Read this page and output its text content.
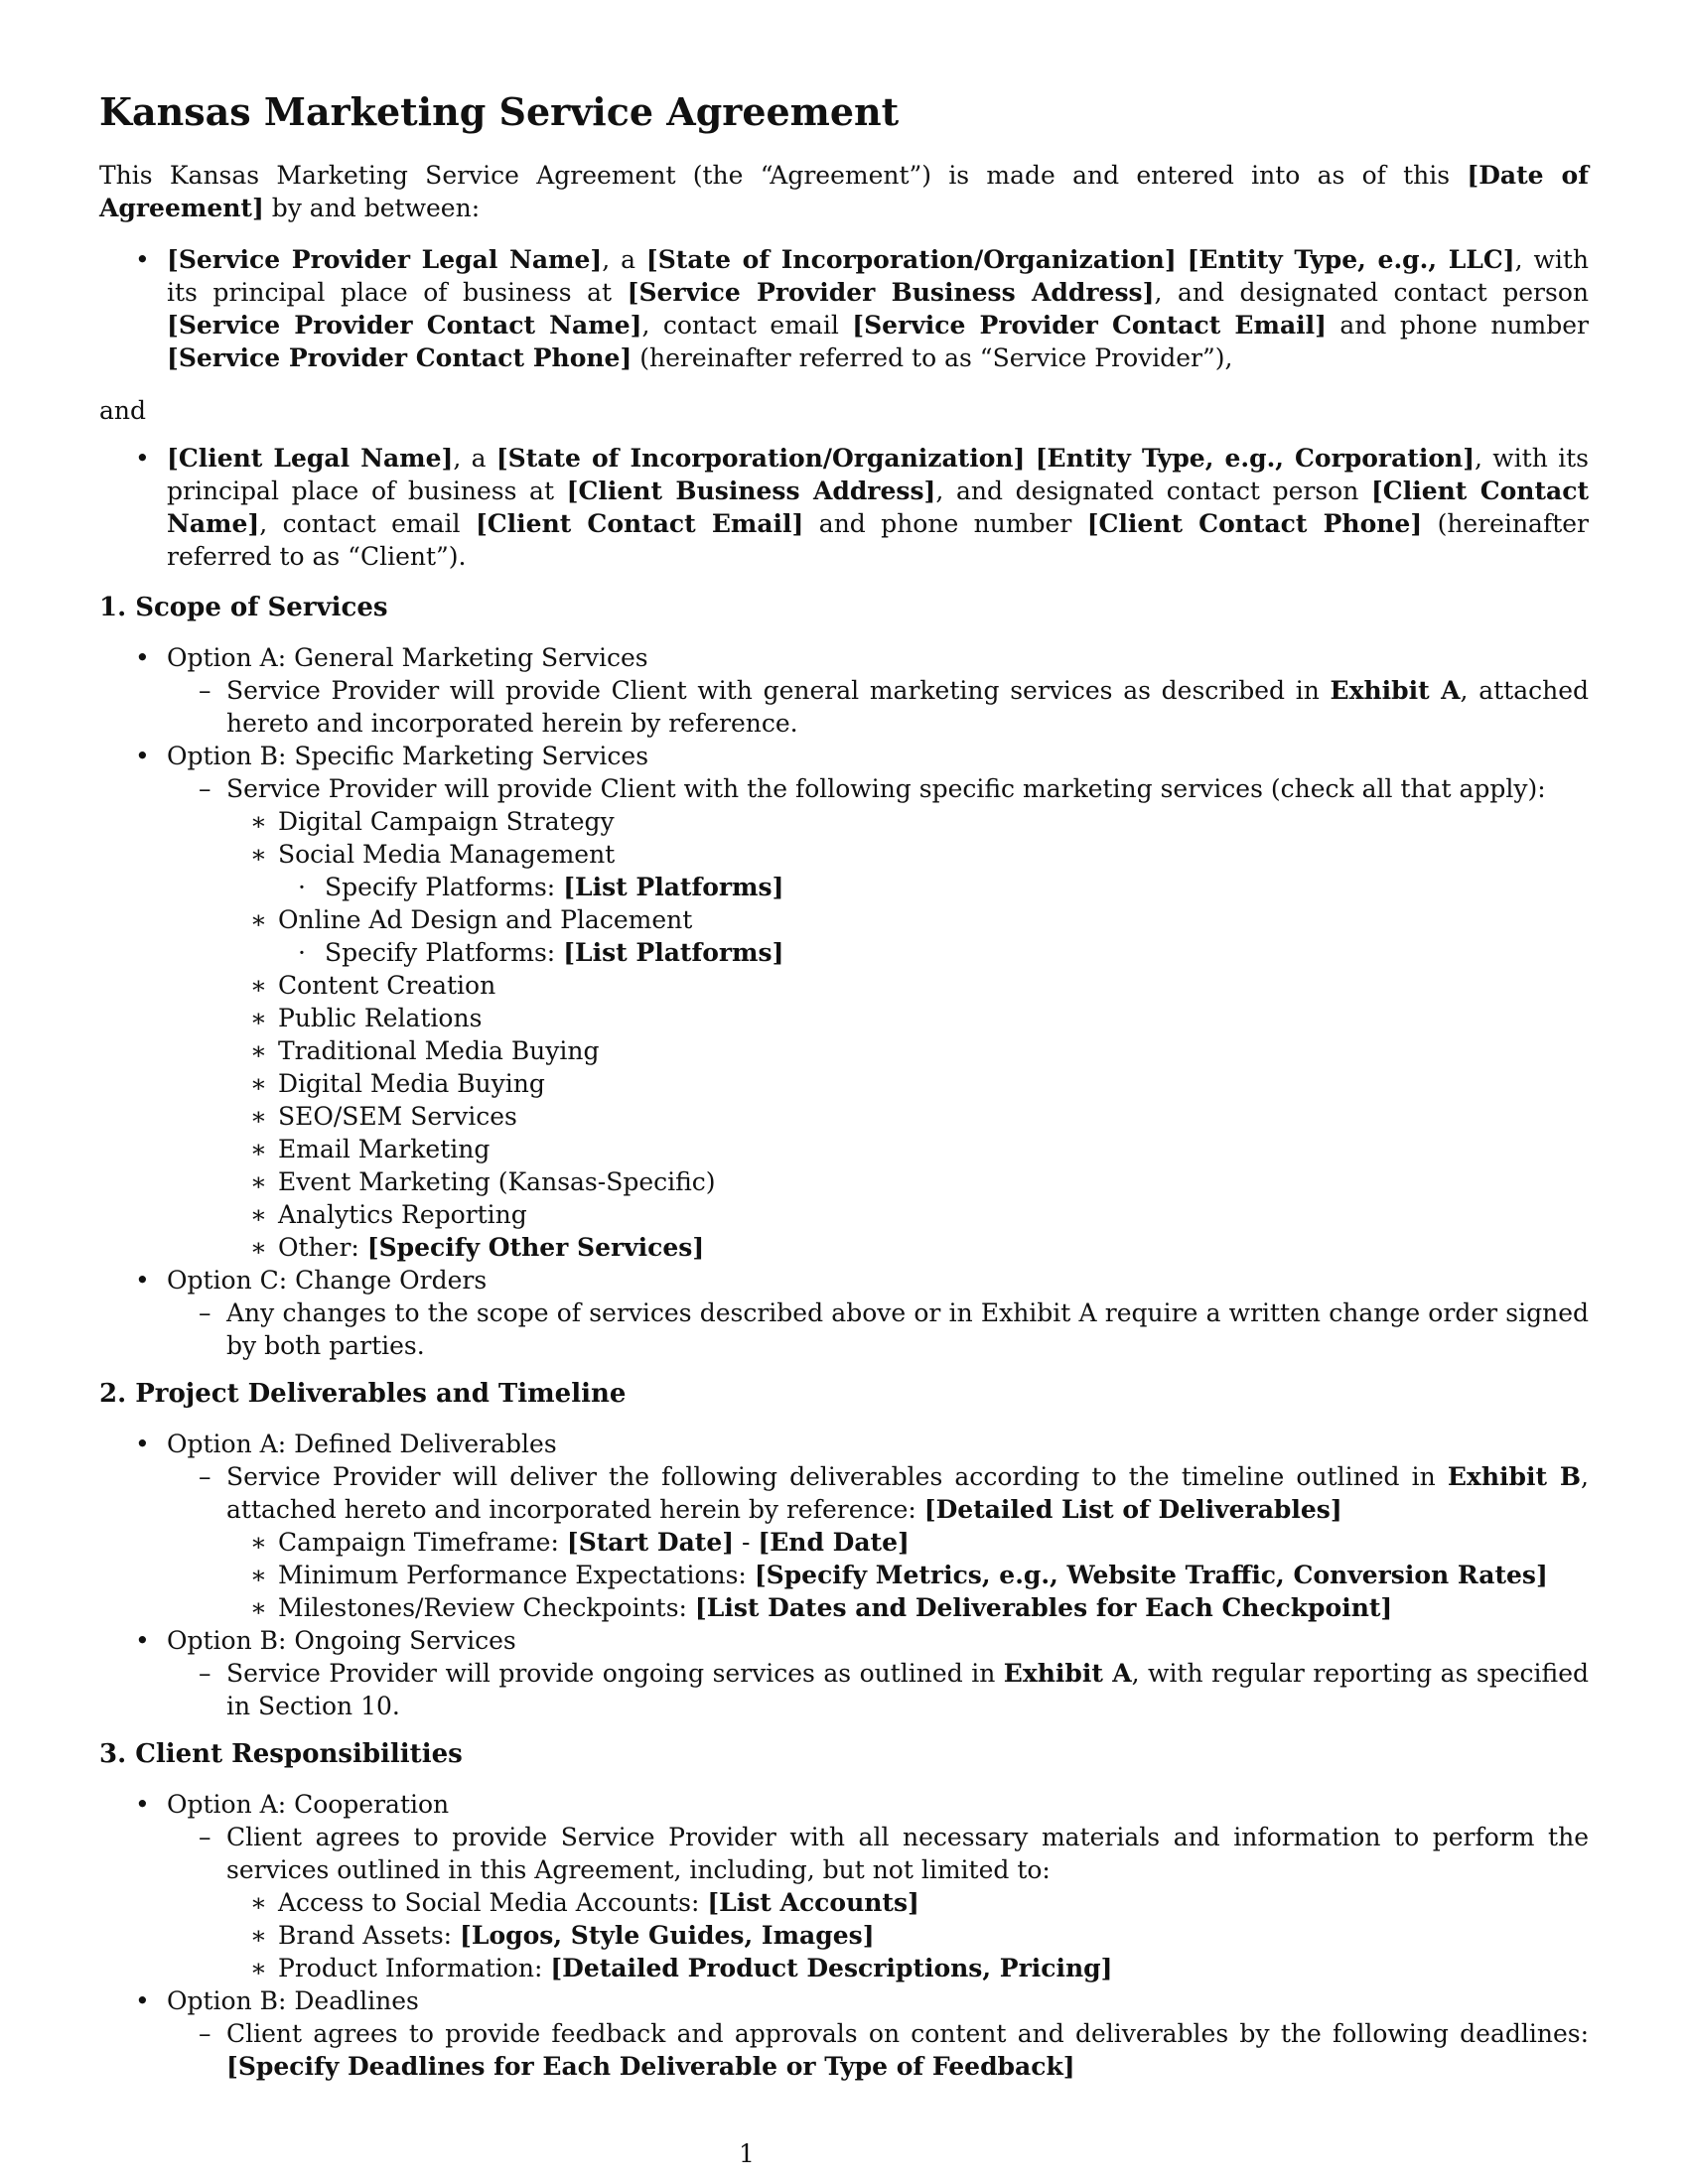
Kansas Marketing Service Agreement

This Kansas Marketing Service Agreement (the “Agreement”) is made and entered into as of this [Date of Agreement] by and between:

• [Service Provider Legal Name], a [State of Incorporation/Organization] [Entity Type, e.g., LLC], with its principal place of business at [Service Provider Business Address], and designated contact person [Service Provider Contact Name], contact email [Service Provider Contact Email] and phone number [Service Provider Contact Phone] (hereinafter referred to as “Service Provider”),

and

• [Client Legal Name], a [State of Incorporation/Organization] [Entity Type, e.g., Corporation], with its principal place of business at [Client Business Address], and designated contact person [Client Contact Name], contact email [Client Contact Email] and phone number [Client Contact Phone] (hereinafter referred to as “Client”).

1. Scope of Services
• Option A: General Marketing Services

– Service Provider will provide Client with general marketing services as described in Exhibit A, attached hereto and incorporated herein by reference.

• Option B: Specific Marketing Services

– Service Provider will provide Client with the following specific marketing services (check all that apply):

∗ Digital Campaign Strategy

∗ Social Media Management

· Specify Platforms: [List Platforms]

∗ Online Ad Design and Placement

· Specify Platforms: [List Platforms]

∗ Content Creation

∗ Public Relations

∗ Traditional Media Buying

∗ Digital Media Buying

∗ SEO/SEM Services

∗ Email Marketing

∗ Event Marketing (Kansas-Specific)

∗ Analytics Reporting

∗ Other: [Specify Other Services]

• Option C: Change Orders

– Any changes to the scope of services described above or in Exhibit A require a written change order signed by both parties.

2. Project Deliverables and Timeline
• Option A: Defined Deliverables

– Service Provider will deliver the following deliverables according to the timeline outlined in Exhibit B, attached hereto and incorporated herein by reference: [Detailed List of Deliverables]

∗ Campaign Timeframe: [Start Date] - [End Date]

∗ Minimum Performance Expectations: [Specify Metrics, e.g., Website Traffic, Conversion Rates]

∗ Milestones/Review Checkpoints: [List Dates and Deliverables for Each Checkpoint]

• Option B: Ongoing Services

– Service Provider will provide ongoing services as outlined in Exhibit A, with regular reporting as specified in Section 10.

3. Client Responsibilities
• Option A: Cooperation

– Client agrees to provide Service Provider with all necessary materials and information to perform the services outlined in this Agreement, including, but not limited to:

∗ Access to Social Media Accounts: [List Accounts]

∗ Brand Assets: [Logos, Style Guides, Images]

∗ Product Information: [Detailed Product Descriptions, Pricing]

• Option B: Deadlines

– Client agrees to provide feedback and approvals on content and deliverables by the following deadlines: [Specify Deadlines for Each Deliverable or Type of Feedback]

1
